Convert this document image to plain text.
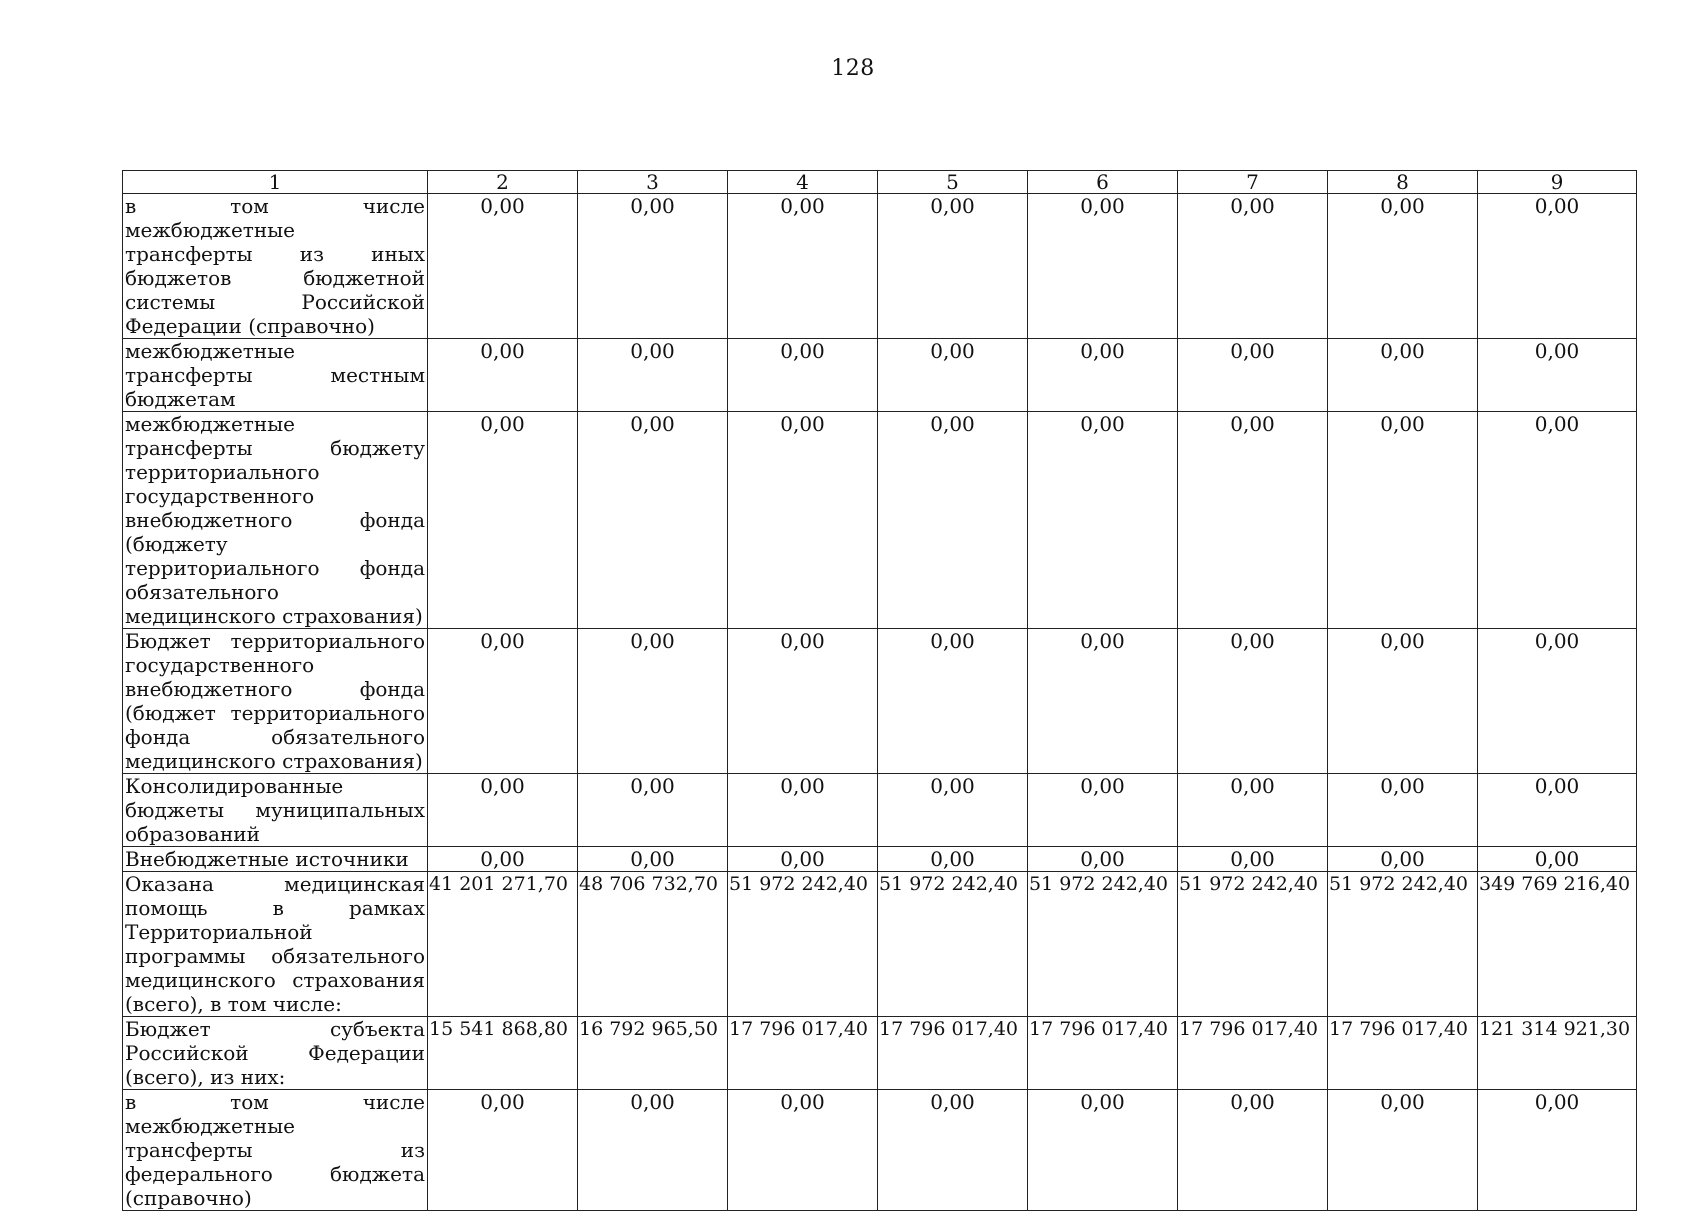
128
1	2	3	4	5	6	7	8	9
в том числе межбюджетные трансферты из иных бюджетов бюджетной системы Российской Федерации (справочно)	0,00	0,00	0,00	0,00	0,00	0,00	0,00	0,00
межбюджетные трансферты местным бюджетам	0,00	0,00	0,00	0,00	0,00	0,00	0,00	0,00
межбюджетные трансферты бюджету территориального государственного внебюджетного фонда (бюджету территориального фонда обязательного медицинского страхования)	0,00	0,00	0,00	0,00	0,00	0,00	0,00	0,00
Бюджет территориального государственного внебюджетного фонда (бюджет территориального фонда обязательного медицинского страхования)	0,00	0,00	0,00	0,00	0,00	0,00	0,00	0,00
Консолидированные бюджеты муниципальных образований	0,00	0,00	0,00	0,00	0,00	0,00	0,00	0,00
Внебюджетные источники	0,00	0,00	0,00	0,00	0,00	0,00	0,00	0,00
Оказана медицинская помощь в рамках Территориальной программы обязательного медицинского страхования (всего), в том числе:	41 201 271,70	48 706 732,70	51 972 242,40	51 972 242,40	51 972 242,40	51 972 242,40	51 972 242,40	349 769 216,40
Бюджет субъекта Российской Федерации (всего), из них:	15 541 868,80	16 792 965,50	17 796 017,40	17 796 017,40	17 796 017,40	17 796 017,40	17 796 017,40	121 314 921,30
в том числе межбюджетные трансферты из федерального бюджета (справочно)	0,00	0,00	0,00	0,00	0,00	0,00	0,00	0,00
